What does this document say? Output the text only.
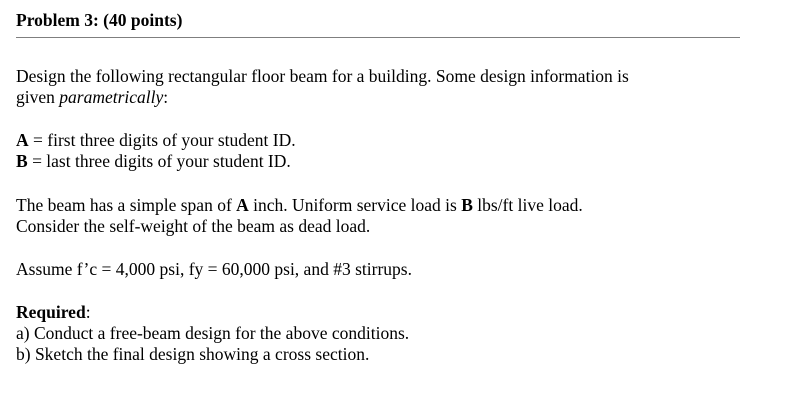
Problem 3: (40 points)

Design the following rectangular floor beam for a building. Some design information is
given parametrically:

A = first three digits of your student ID.

B = last three digits of your student ID.

The beam has a simple span of A inch. Uniform service load is B lbs/ft live load.
Consider the self-weight of the beam as dead load.

Assume f’c = 4,000 psi, fy = 60,000 psi, and #3 stirrups.

Required:

a) Conduct a free-beam design for the above conditions.
b) Sketch the final design showing a cross section.
